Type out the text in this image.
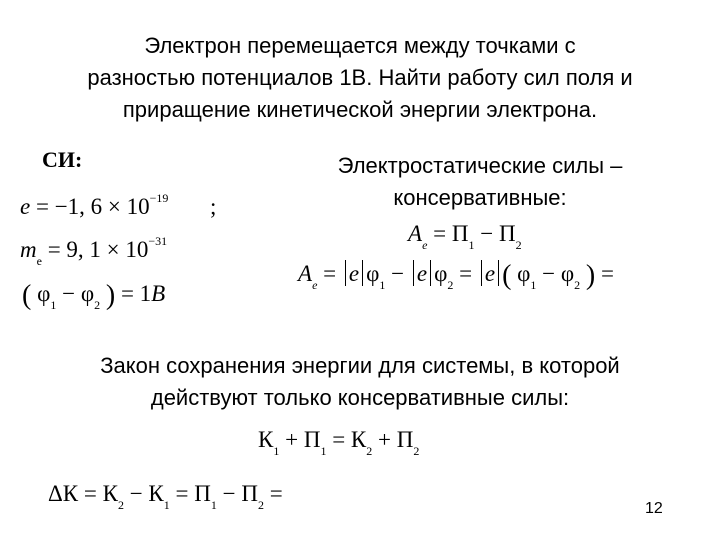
Электрон перемещается между точками с
разностью потенциалов 1В. Найти работу сил поля и
приращение кинетической энергии электрона.
СИ:
e = −1, $6 \times 10^{-19}$ ;
$m_e = 9$, $1 \times 10^{-31}$
( $\varphi_1 - \varphi_2$ ) = 1В
Электростатические силы –
консервативные:
$A_e = П_1 - П_2$
$A_e = e$ $\varphi_1 - e$ $\varphi_2 = e$ ( $\varphi_1 - \varphi_2$ ) =
Закон сохранения энергии для системы, в которой
действуют только консервативные силы:
$К_1 + П_1 = К_2 + П_2$
$\Delta К = К_2 - К_1 = П_1 - П_2$ =
12
